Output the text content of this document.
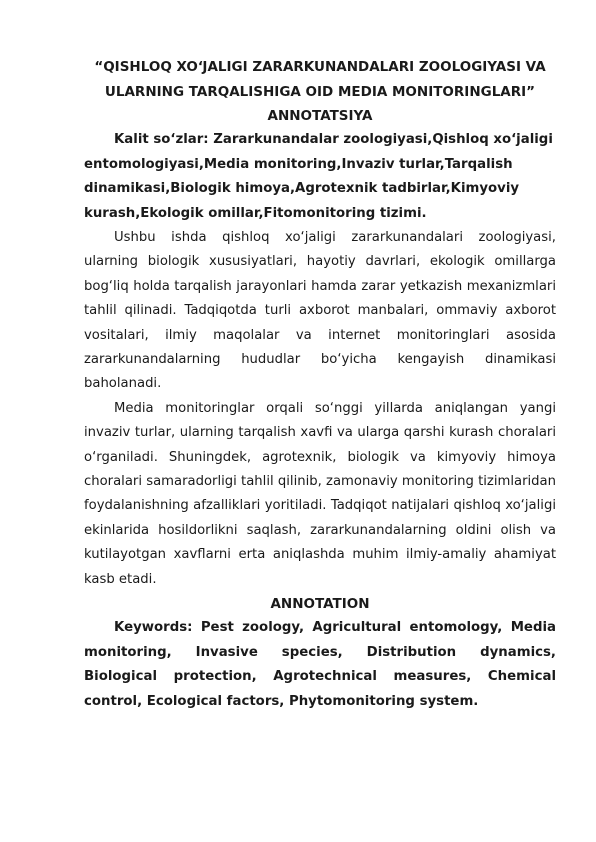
“QISHLOQ XO‘JALIGI ZARARKUNANDALARI ZOOLOGIYASI VA ULARNING TARQALISHIGA OID MEDIA MONITORINGLARI”

ANNOTATSIYA

Kalit so‘zlar: Zararkunandalar zoologiyasi,Qishloq xo‘jaligi entomologiyasi,Media monitoring,Invaziv turlar,Tarqalish dinamikasi,Biologik himoya,Agrotexnik tadbirlar,Kimyoviy kurash,Ekologik omillar,Fitomonitoring tizimi.

Ushbu ishda qishloq xo‘jaligi zararkunandalari zoologiyasi, ularning biologik xususiyatlari, hayotiy davrlari, ekologik omillarga bog‘liq holda tarqalish jarayonlari hamda zarar yetkazish mexanizmlari tahlil qilinadi. Tadqiqotda turli axborot manbalari, ommaviy axborot vositalari, ilmiy maqolalar va internet monitoringlari asosida zararkunandalarning hududlar bo‘yicha kengayish dinamikasi baholanadi.

Media monitoringlar orqali so‘nggi yillarda aniqlangan yangi invaziv turlar, ularning tarqalish xavfi va ularga qarshi kurash choralari o‘rganiladi. Shuningdek, agrotexnik, biologik va kimyoviy himoya choralari samaradorligi tahlil qilinib, zamonaviy monitoring tizimlaridan foydalanishning afzalliklari yoritiladi. Tadqiqot natijalari qishloq xo‘jaligi ekinlarida hosildorlikni saqlash, zararkunandalarning oldini olish va kutilayotgan xavflarni erta aniqlashda muhim ilmiy-amaliy ahamiyat kasb etadi.

ANNOTATION

Keywords: Pest zoology, Agricultural entomology, Media monitoring, Invasive species, Distribution dynamics, Biological protection, Agrotechnical measures, Chemical control, Ecological factors, Phytomonitoring system.
